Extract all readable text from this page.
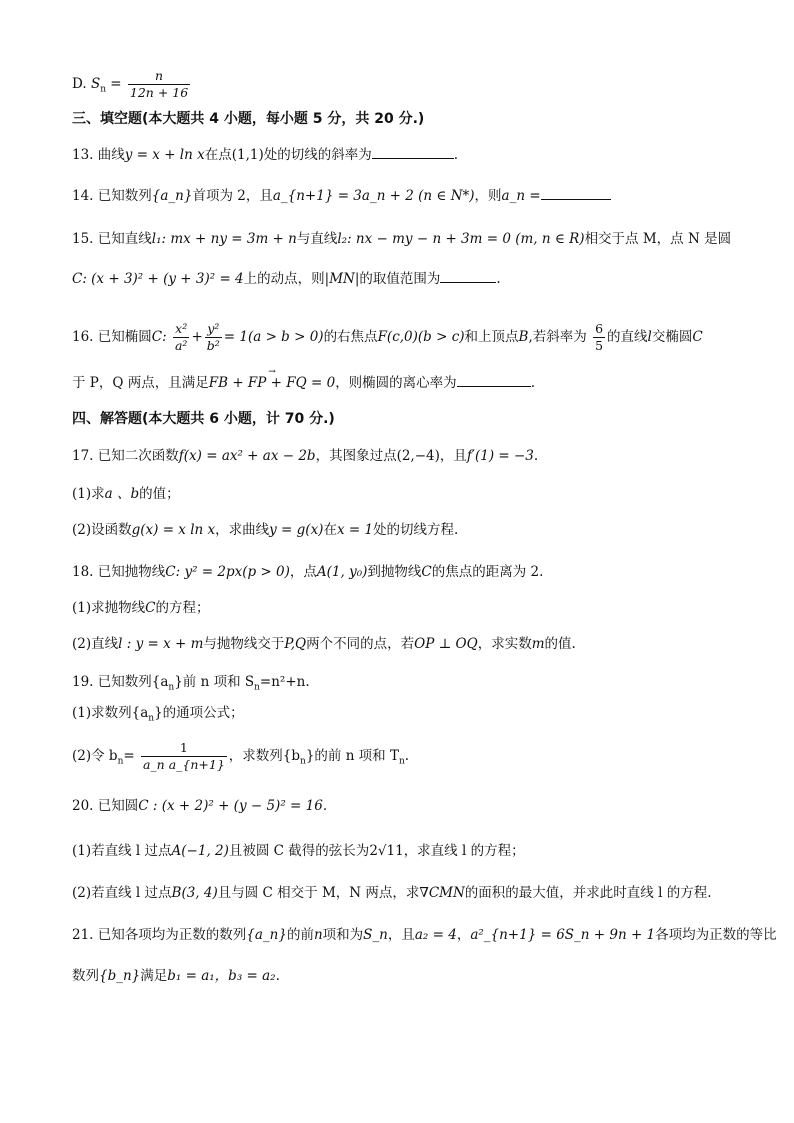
D. $S_n = \frac{n}{12n + 16}$
三、填空题(本大题共 4 小题，每小题 5 分，共 20 分.)
13. 曲线y = x + ln x在点(1,1)处的切线的斜率为	.
14. 已知数列{a_n}首项为 2，且a_{n+1} = 3a_n + 2 (n ∈ N*)，则a_n =
15. 已知直线l₁: mx + ny = 3m + n与直线l₂: nx − my − n + 3m = 0 (m, n ∈ R)相交于点 M，点 N 是圆
C: (x + 3)² + (y + 3)² = 4上的动点，则|MN|的取值范围为	.
16. 已知椭圆C: $\frac{\text{x²}}{\text{a²}} + \frac{\text{y²}}{\text{b²}} = 1(a > b > 0)$的右焦点F(c,0)(b > c)和上顶点B,若斜率为 $\frac{6}{5}$ 的直线l交椭圆C
于 P，Q 两点，且满足→ FB + FP + FQ = 0，则椭圆的离心率为	.
四、解答题(本大题共 6 小题，计 70 分.)
17. 已知二次函数f(x) = ax² + ax − 2b，其图象过点(2,−4)，且f′(1) = −3.
(1)求a 、b的值；
(2)设函数g(x) = x ln x，求曲线y = g(x)在x = 1处的切线方程.
18. 已知抛物线C: y² = 2px(p > 0)，点A(1, y₀)到抛物线C的焦点的距离为 2.
(1)求抛物线C的方程；
(2)直线l : y = x + m与抛物线交于P,Q两个不同的点，若OP ⊥ OQ，求实数m的值.
19. 已知数列$\{a_n\}$前 n 项和 $S_n=n^2+n$.
(1)求数列$\{a_n\}$的通项公式；
(2)令 $b_n= \frac{1}{\text{a\_n a\_\{n+1\}}}$ ，求数列$\{b_n\}$的前 n 项和 $T_n$.
20. 已知圆C : (x + 2)² + (y − 5)² = 16.
(1)若直线 l 过点A(−1, 2)且被圆 C 截得的弦长为2√11，求直线 l 的方程；
(2)若直线 l 过点B(3, 4)且与圆 C 相交于 M，N 两点，求∇CMN的面积的最大值，并求此时直线 l 的方程.
21. 已知各项均为正数的数列{a_n}的前n项和为S_n，且a₂ = 4，a²_{n+1} = 6S_n + 9n + 1各项均为正数的等比
数列{b_n}满足b₁ = a₁，b₃ = a₂.
